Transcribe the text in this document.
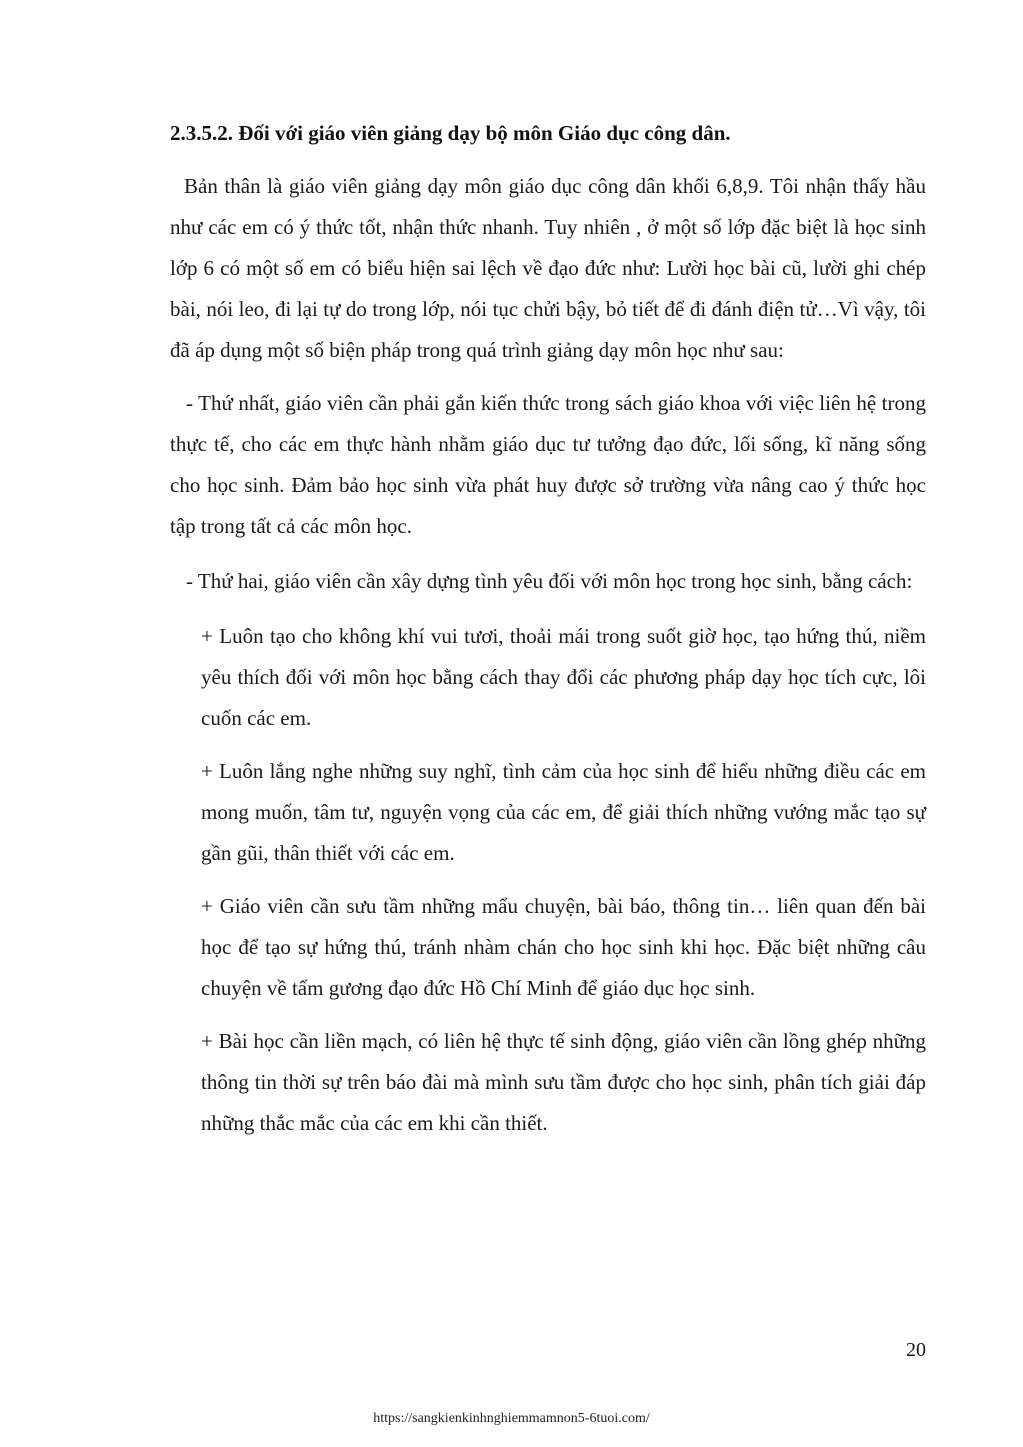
2.3.5.2. Đối với giáo viên giảng dạy bộ môn Giáo dục công dân.

Bản thân là giáo viên giảng dạy môn giáo dục công dân khối 6,8,9. Tôi nhận thấy hầu như các em có ý thức tốt, nhận thức nhanh. Tuy nhiên , ở một số lớp đặc biệt là học sinh lớp 6 có một số em có biểu hiện sai lệch về đạo đức như: Lười học bài cũ, lười ghi chép bài, nói leo, đi lại tự do trong lớp, nói tục chửi bậy, bỏ tiết để đi đánh điện tử…Vì vậy, tôi đã áp dụng một số biện pháp trong quá trình giảng dạy môn học như sau:

- Thứ nhất, giáo viên cần phải gắn kiến thức trong sách giáo khoa với việc liên hệ trong thực tế, cho các em thực hành nhằm giáo dục tư tưởng đạo đức, lối sống, kĩ năng sống cho học sinh. Đảm bảo học sinh vừa phát huy được sở trường vừa nâng cao ý thức học tập trong tất cả các môn học.

- Thứ hai, giáo viên cần xây dựng tình yêu đối với môn học trong học sinh, bằng cách:

+ Luôn tạo cho không khí vui tươi, thoải mái trong suốt giờ học, tạo hứng thú, niềm yêu thích đối với môn học bằng cách thay đổi các phương pháp dạy học tích cực, lôi cuốn các em.

+ Luôn lắng nghe những suy nghĩ, tình cảm của học sinh để hiểu những điều các em mong muốn, tâm tư, nguyện vọng của các em, để giải thích những vướng mắc tạo sự gần gũi, thân thiết với các em.

+ Giáo viên cần sưu tầm những mẩu chuyện, bài báo, thông tin… liên quan đến bài học để tạo sự hứng thú, tránh nhàm chán cho học sinh khi học. Đặc biệt những câu chuyện về tấm gương đạo đức Hồ Chí Minh để giáo dục học sinh.

+ Bài học cần liền mạch, có liên hệ thực tế sinh động, giáo viên cần lồng ghép những thông tin thời sự trên báo đài mà mình sưu tầm được cho học sinh, phân tích giải đáp những thắc mắc của các em khi cần thiết.

20
https://sangkienkinhnghiemmamnon5-6tuoi.com/
